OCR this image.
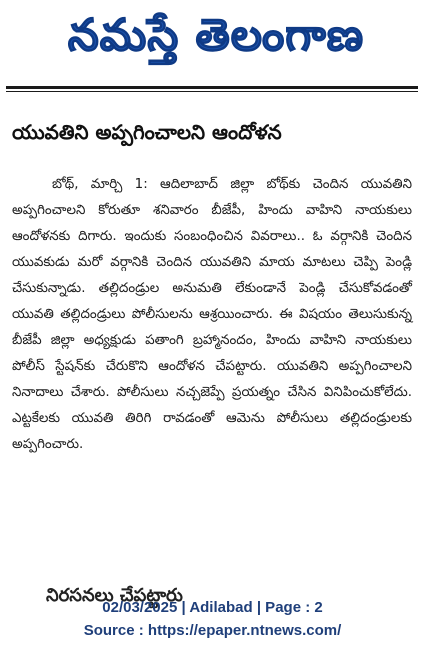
నమస్తే తెలంగాణ
యువతిని అప్పగించాలని ఆందోళన

బోథ్, మార్చి 1: ఆదిలాబాద్ జిల్లా బోథ్‌కు చెందిన యువతిని అప్పగించాలని కోరుతూ శనివారం బీజేపీ, హిందు వాహిని నాయకులు ఆందోళనకు దిగారు. ఇందుకు సంబంధించిన వివరాలు.. ఓ వర్గానికి చెందిన యువకుడు మరో వర్గానికి చెందిన యువతిని మాయ మాటలు చెప్పి పెండ్లి చేసుకున్నాడు. తల్లిదండ్రుల అనుమతి లేకుండానే పెండ్లి చేసుకోవడంతో యువతి తల్లిదండ్రులు పోలీసులను ఆశ్రయించారు. ఈ విషయం తెలుసుకున్న బీజేపీ జిల్లా అధ్యక్షుడు పతాంగి బ్రహ్మానందం, హిందు వాహిని నాయకులు పోలీస్ స్టేషన్‌కు చేరుకొని ఆందోళన చేపట్టారు. యువతిని అప్పగించాలని నినాదాలు చేశారు. పోలీసులు నచ్చజెప్పే ప్రయత్నం చేసిన వినిపించుకోలేదు. ఎట్టకేలకు యువతి తిరిగి రావడంతో ఆమెను పోలీసులు తల్లిదండ్రులకు అప్పగించారు.

నిరసనలు చేపట్టారు
02/03/2025 | Adilabad | Page : 2
Source : https://epaper.ntnews.com/
